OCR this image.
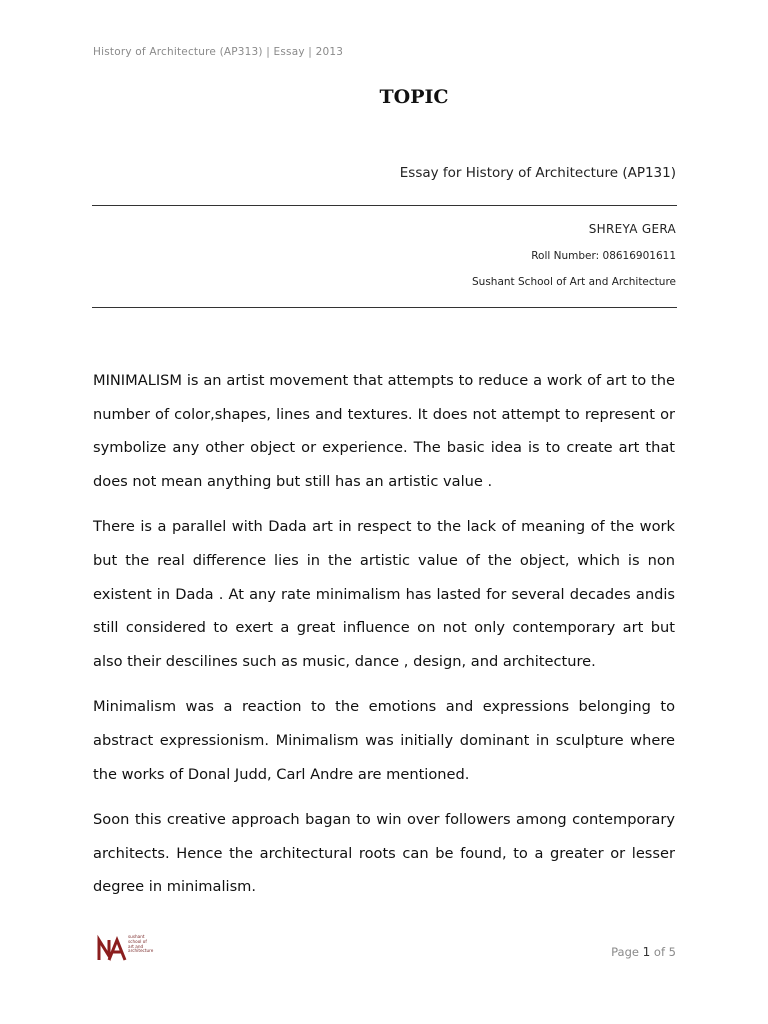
History of Architecture (AP313) | Essay | 2013
TOPIC
Essay for History of Architecture (AP131)
SHREYA GERA
Roll Number: 08616901611
Sushant School of Art and Architecture

MINIMALISM is an artist movement that attempts to reduce a work of art to the number of color,shapes, lines and textures. It does not attempt to represent or symbolize any other object or experience. The basic idea is to create art that does not mean anything but still has an artistic value .

There is a parallel with Dada art in respect to the lack of meaning of the work but the real difference lies in the artistic value of the object, which is non existent in Dada . At any rate minimalism has lasted for several decades andis still considered to exert a great influence on not only contemporary art but also their descilines such as music, dance , design, and architecture.

Minimalism was a reaction to the emotions and expressions belonging to abstract expressionism. Minimalism was initially dominant in sculpture where the works of Donal Judd, Carl Andre are mentioned.

Soon this creative approach bagan to win over followers among contemporary architects. Hence the architectural roots can be found, to a greater or lesser degree in minimalism.

sushant
school of
art and
architecture	Page 1 of 5
